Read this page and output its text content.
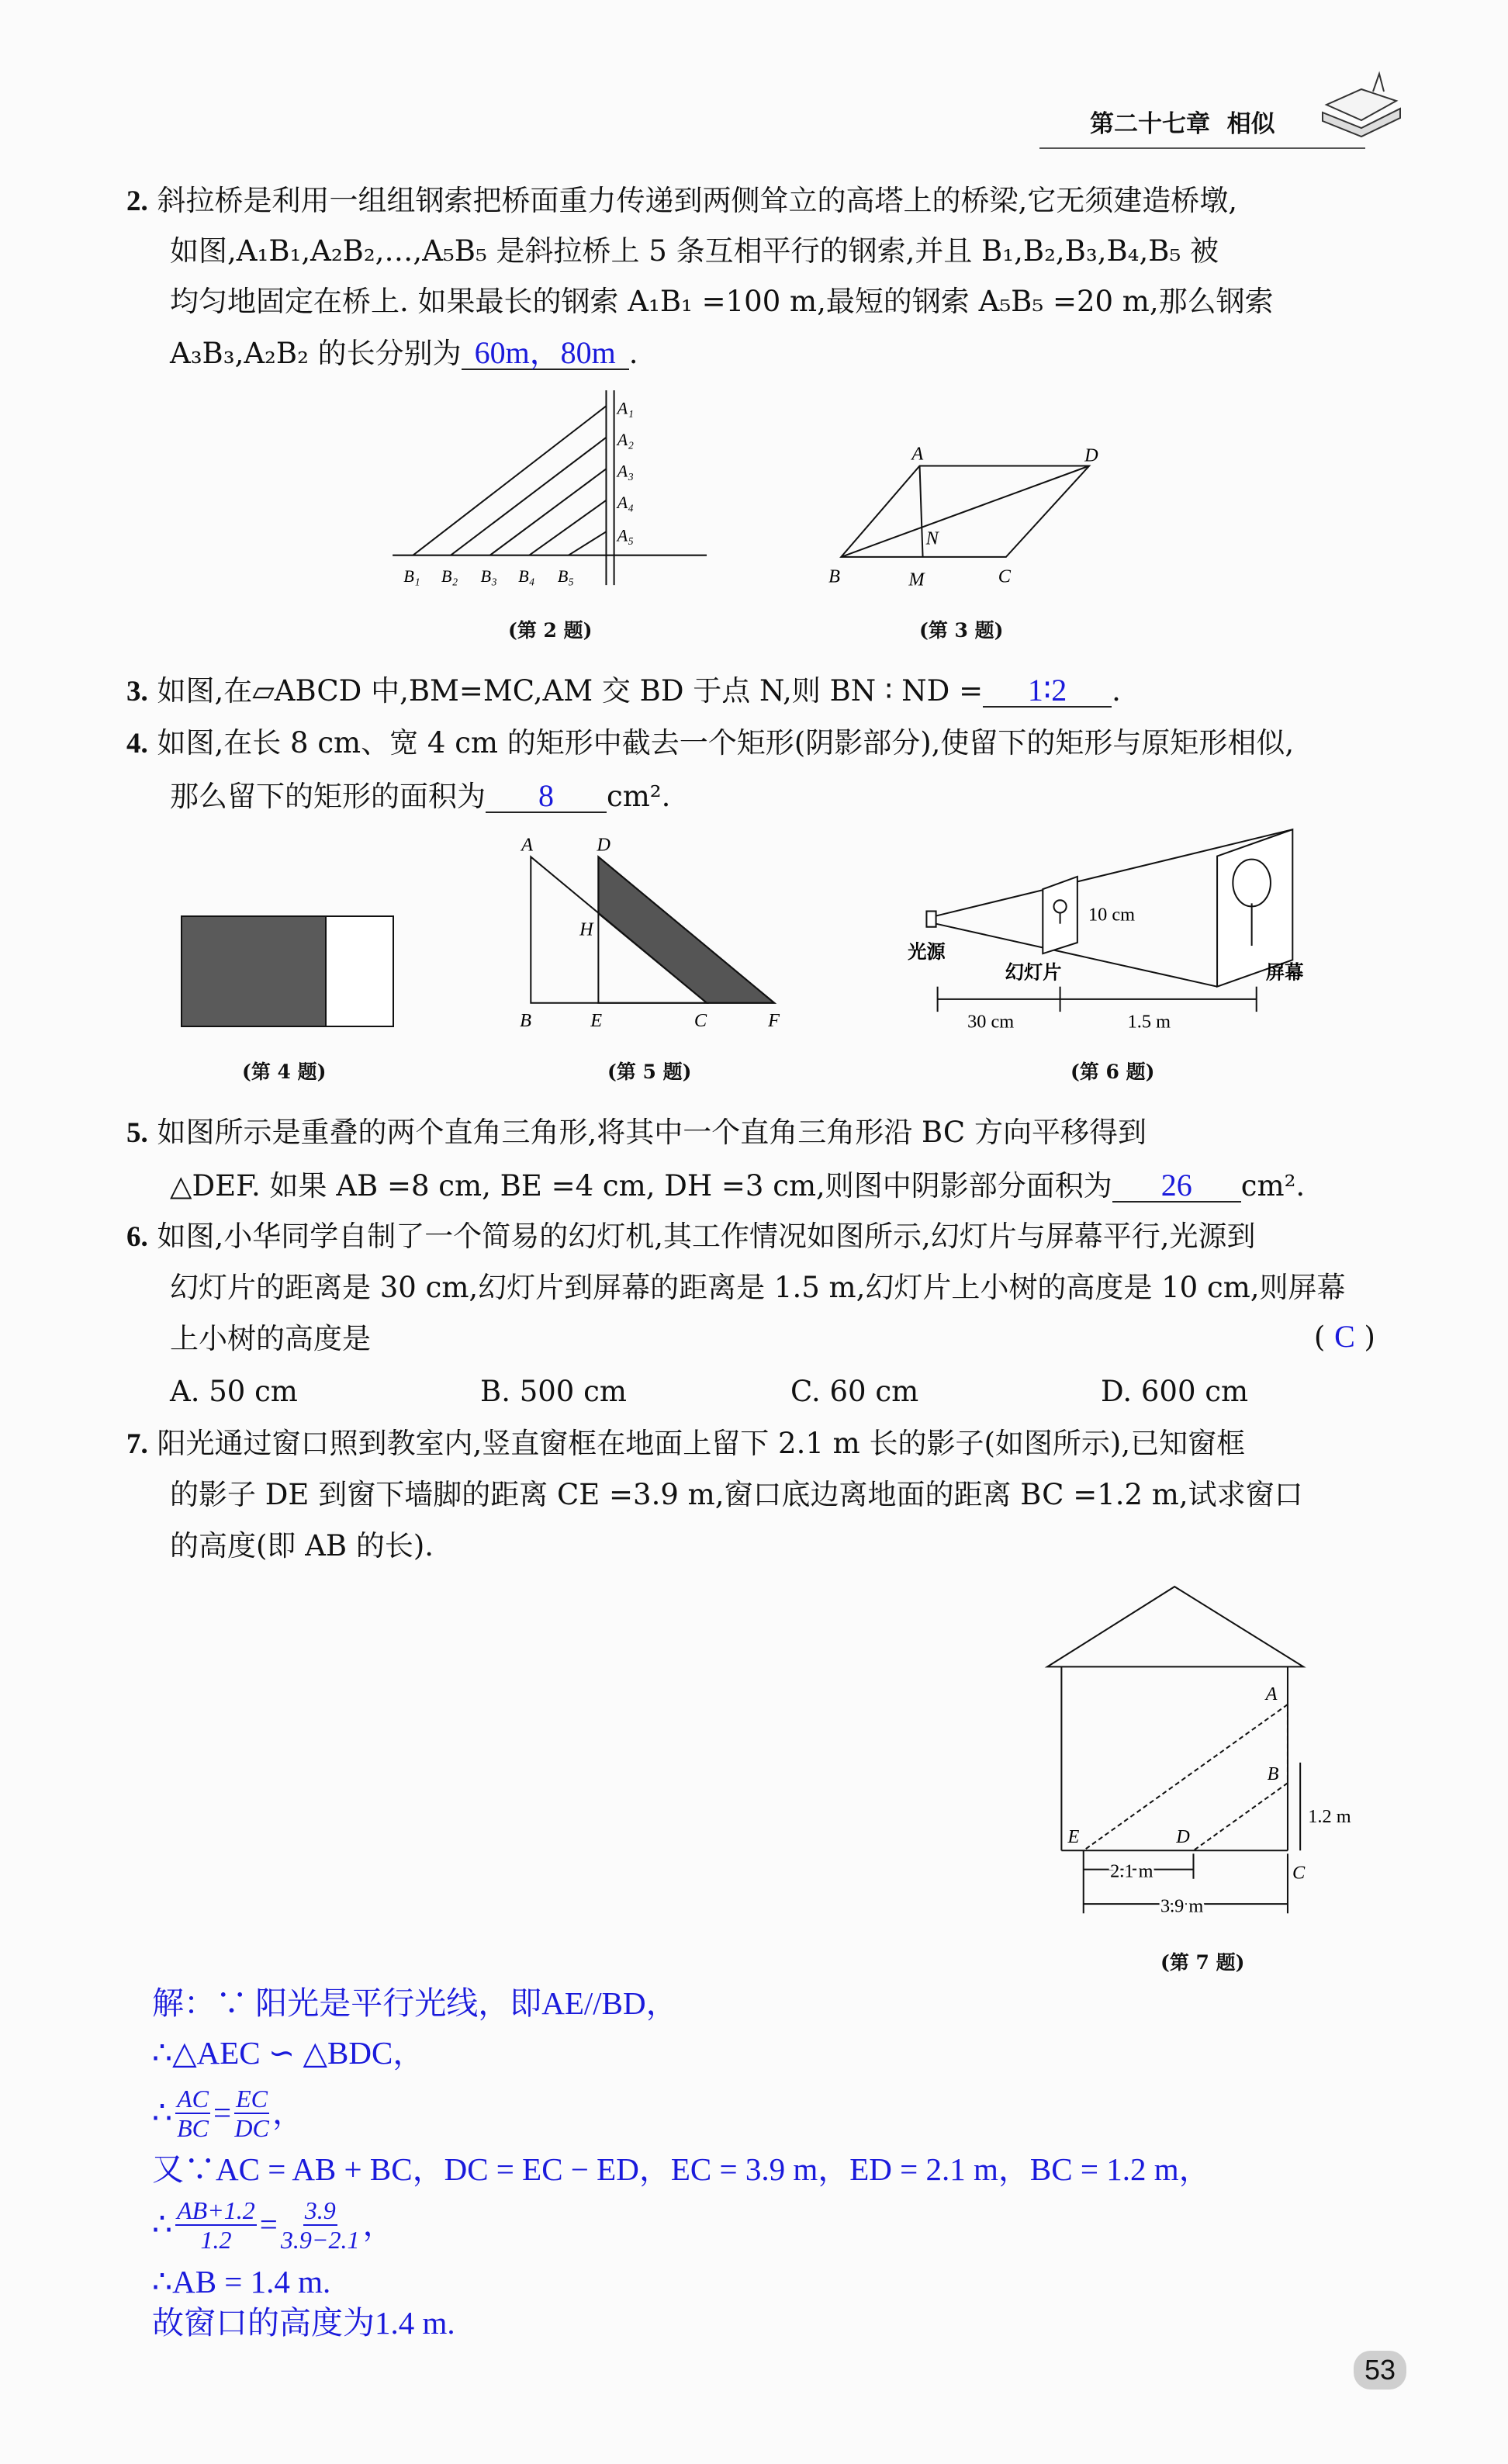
第二十七章 相似
2. 斜拉桥是利用一组组钢索把桥面重力传递到两侧耸立的高塔上的桥梁,它无须建造桥墩,
如图,A₁B₁,A₂B₂,…,A₅B₅ 是斜拉桥上 5 条互相平行的钢索,并且 B₁,B₂,B₃,B₄,B₅ 被
均匀地固定在桥上. 如果最长的钢索 A₁B₁ =100 m,最短的钢索 A₅B₅ =20 m,那么钢索
A₃B₃,A₂B₂ 的长分别为 60m，80m .
A₁
A₂
A₃
A₄
A₅
B₁ B₂	B₃ B₄	B₅
(第 2 题)
A	D
B	M	C
N
(第 3 题)
3. 如图,在▱ABCD 中,BM=MC,AM 交 BD 于点 N,则 BN ∶ ND = 1∶2 .
4. 如图,在长 8 cm、宽 4 cm 的矩形中截去一个矩形(阴影部分),使留下的矩形与原矩形相似,
那么留下的矩形的面积为 8 cm².
(第 4 题)
A	D
H
B	E	C	F
(第 5 题)
10 cm
光源
幻灯片	屏幕
30 cm	1.5 m
(第 6 题)
5. 如图所示是重叠的两个直角三角形,将其中一个直角三角形沿 BC 方向平移得到
△DEF. 如果 AB =8 cm, BE =4 cm, DH =3 cm,则图中阴影部分面积为 26 cm².
6. 如图,小华同学自制了一个简易的幻灯机,其工作情况如图所示,幻灯片与屏幕平行,光源到
幻灯片的距离是 30 cm,幻灯片到屏幕的距离是 1.5 m,幻灯片上小树的高度是 10 cm,则屏幕
上小树的高度是	( C )
A. 50 cm	B. 500 cm	C. 60 cm	D. 600 cm
7. 阳光通过窗口照到教室内,竖直窗框在地面上留下 2.1 m 长的影子(如图所示),已知窗框
的影子 DE 到窗下墙脚的距离 CE =3.9 m,窗口底边离地面的距离 BC =1.2 m,试求窗口
的高度(即 AB 的长).
A
B
C
D
E
1.2 m
2.1 m
3.9 m
(第 7 题)
解：∵ 阳光是平行光线，即AE//BD，
∴△AEC ∽ △BDC，
∴ $\frac{AC}{BC} = \frac{EC}{DC}$ ，
又∵AC = AB + BC，DC = EC − ED，EC = 3.9 m，ED = 2.1 m，BC = 1.2 m，
∴ $\frac{AB+1.2}{1.2} = \frac{3.9}{3.9-2.1}$ ，
∴AB = 1.4 m.
故窗口的高度为1.4 m.
53
